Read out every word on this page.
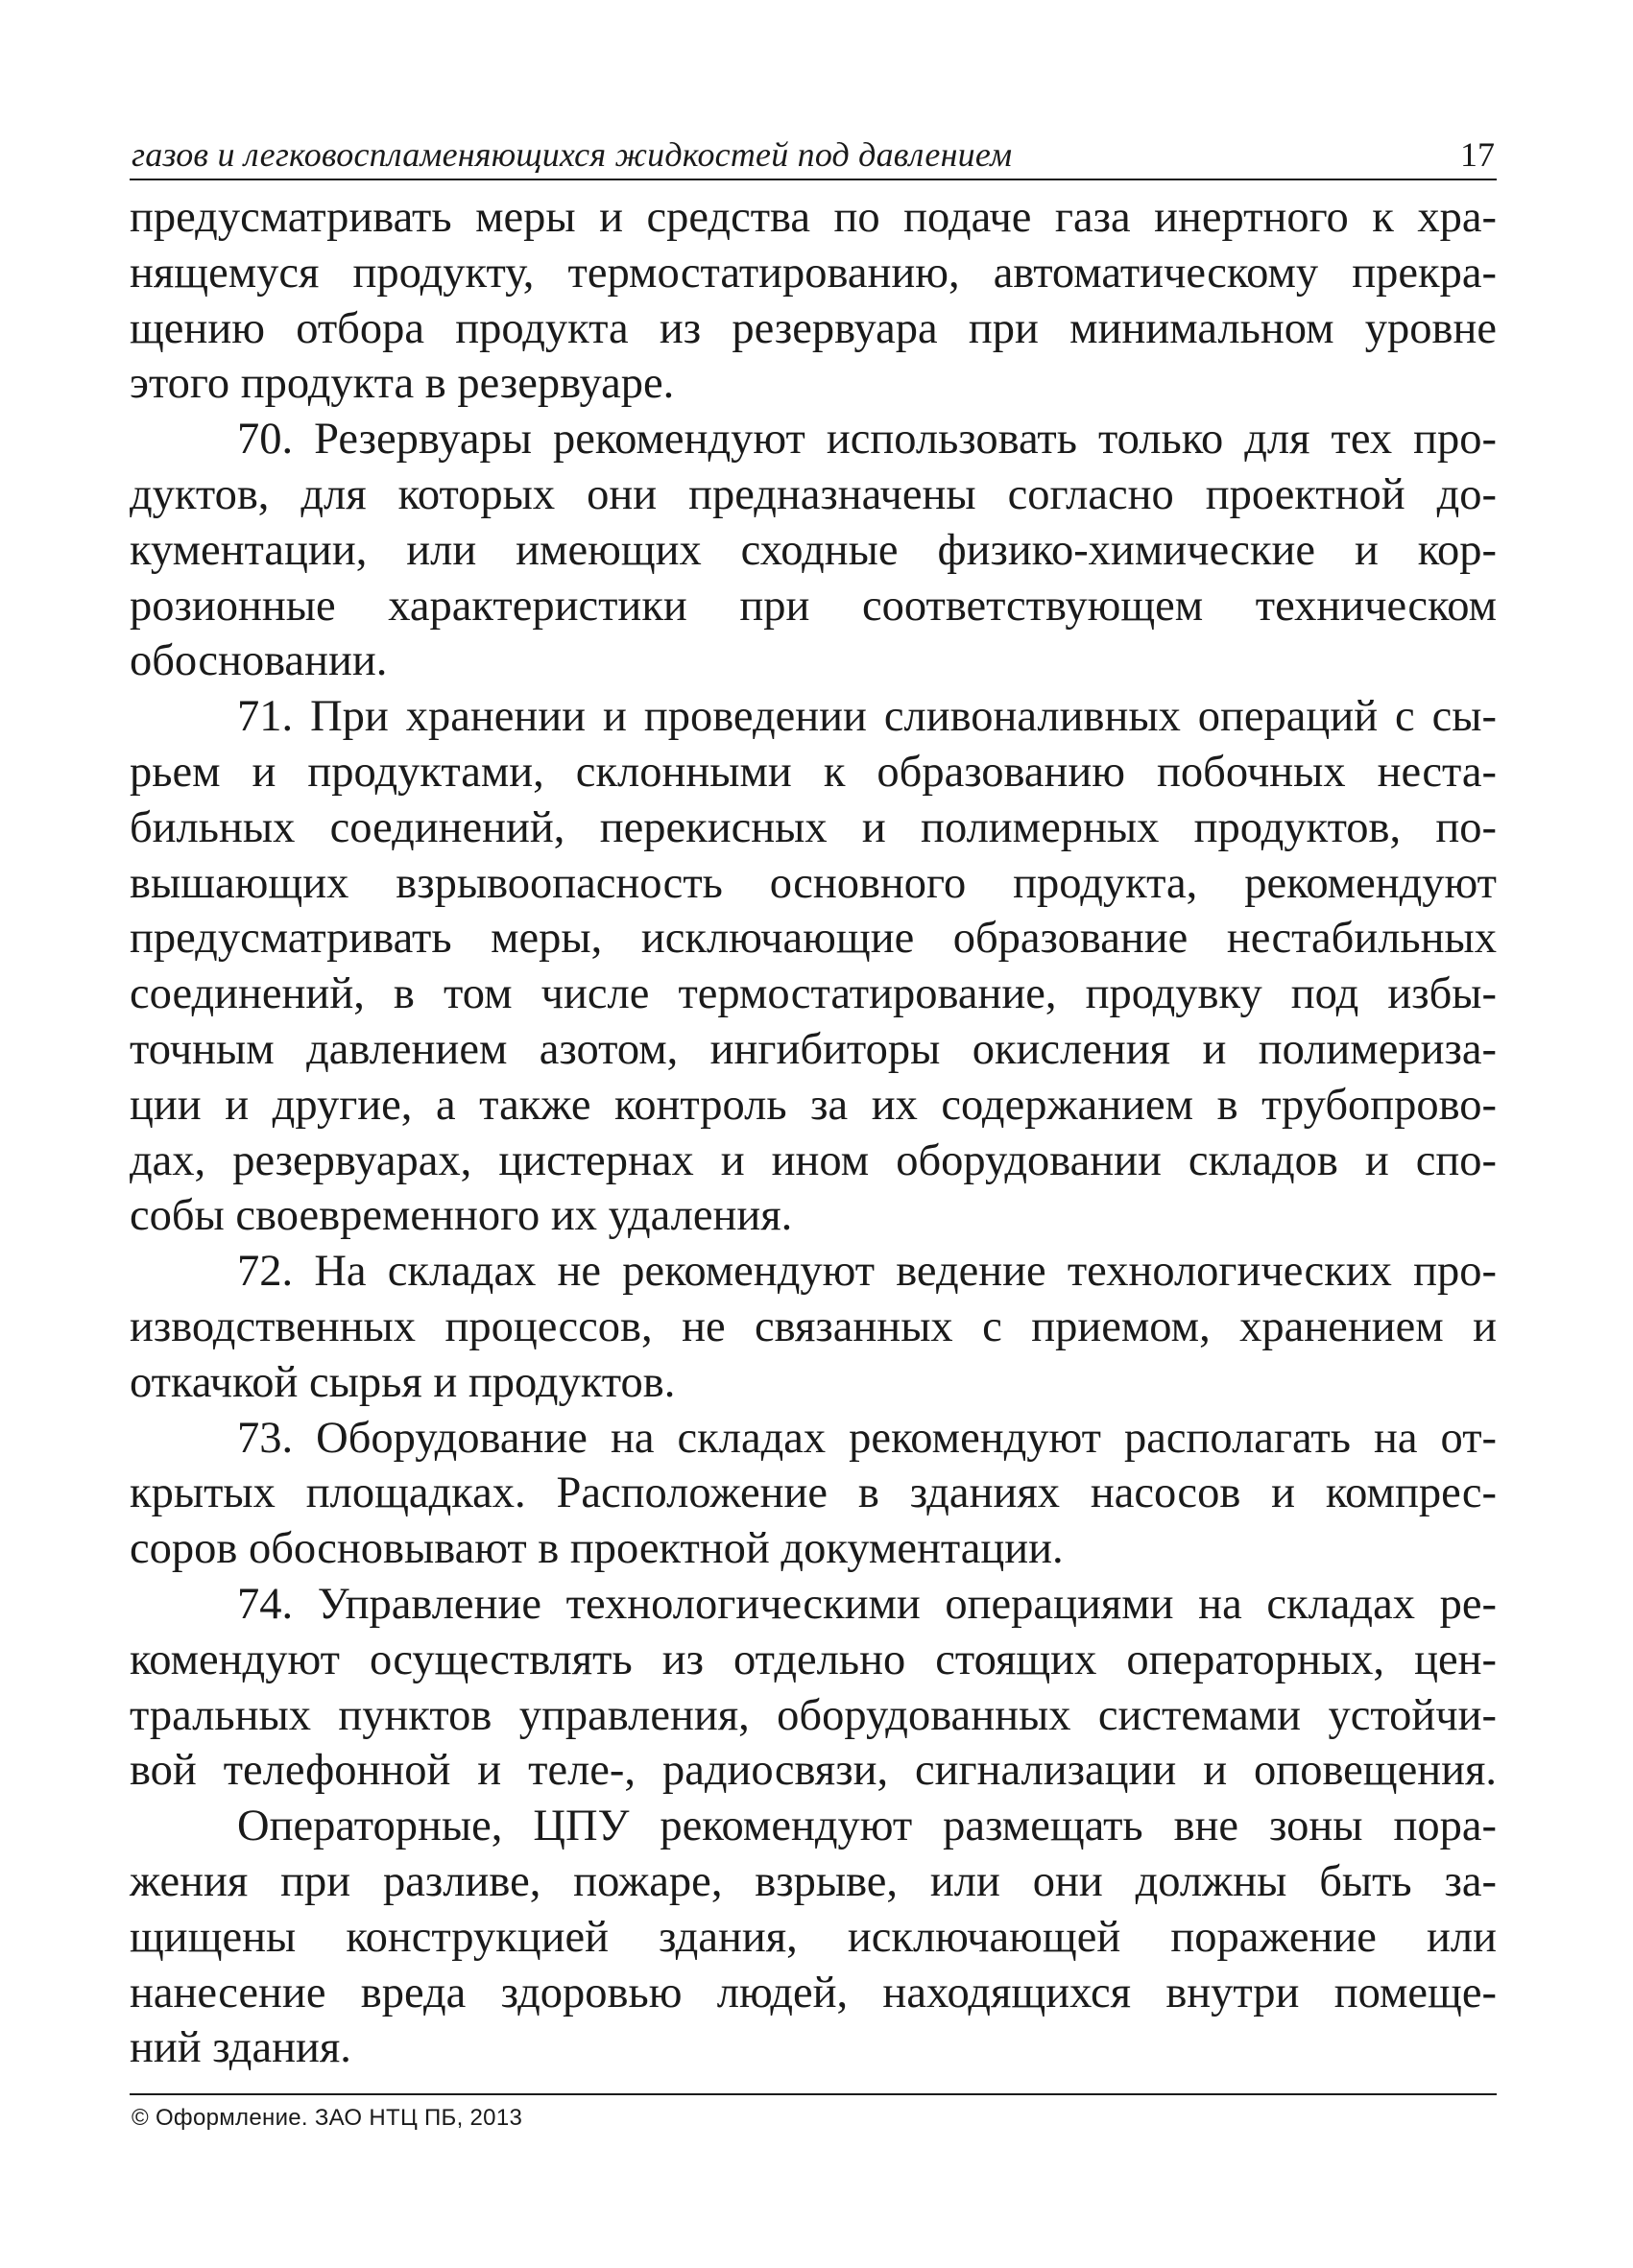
газов и легковоспламеняющихся жидкостей под давлением	17

предусматривать меры и средства по подаче газа инертного к хра-
нящемуся продукту, термостатированию, автоматическому прекра-
щению отбора продукта из резервуара при минимальном уровне
этого продукта в резервуаре.

70. Резервуары рекомендуют использовать только для тех про-
дуктов, для которых они предназначены согласно проектной до-
кументации, или имеющих сходные физико-химические и кор-
розионные характеристики при соответствующем техническом
обосновании.

71. При хранении и проведении сливоналивных операций с сы-
рьем и продуктами, склонными к образованию побочных неста-
бильных соединений, перекисных и полимерных продуктов, по-
вышающих взрывоопасность основного продукта, рекомендуют
предусматривать меры, исключающие образование нестабильных
соединений, в том числе термостатирование, продувку под избы-
точным давлением азотом, ингибиторы окисления и полимериза-
ции и другие, а также контроль за их содержанием в трубопрово-
дах, резервуарах, цистернах и ином оборудовании складов и спо-
собы своевременного их удаления.

72. На складах не рекомендуют ведение технологических про-
изводственных процессов, не связанных с приемом, хранением и
откачкой сырья и продуктов.

73. Оборудование на складах рекомендуют располагать на от-
крытых площадках. Расположение в зданиях насосов и компрес-
соров обосновывают в проектной документации.

74. Управление технологическими операциями на складах ре-
комендуют осуществлять из отдельно стоящих операторных, цен-
тральных пунктов управления, оборудованных системами устойчи-
вой телефонной и теле-, радиосвязи, сигнализации и оповещения.

Операторные, ЦПУ рекомендуют размещать вне зоны пора-
жения при разливе, пожаре, взрыве, или они должны быть за-
щищены конструкцией здания, исключающей поражение или
нанесение вреда здоровью людей, находящихся внутри помеще-
ний здания.

© Оформление. ЗАО НТЦ ПБ, 2013
